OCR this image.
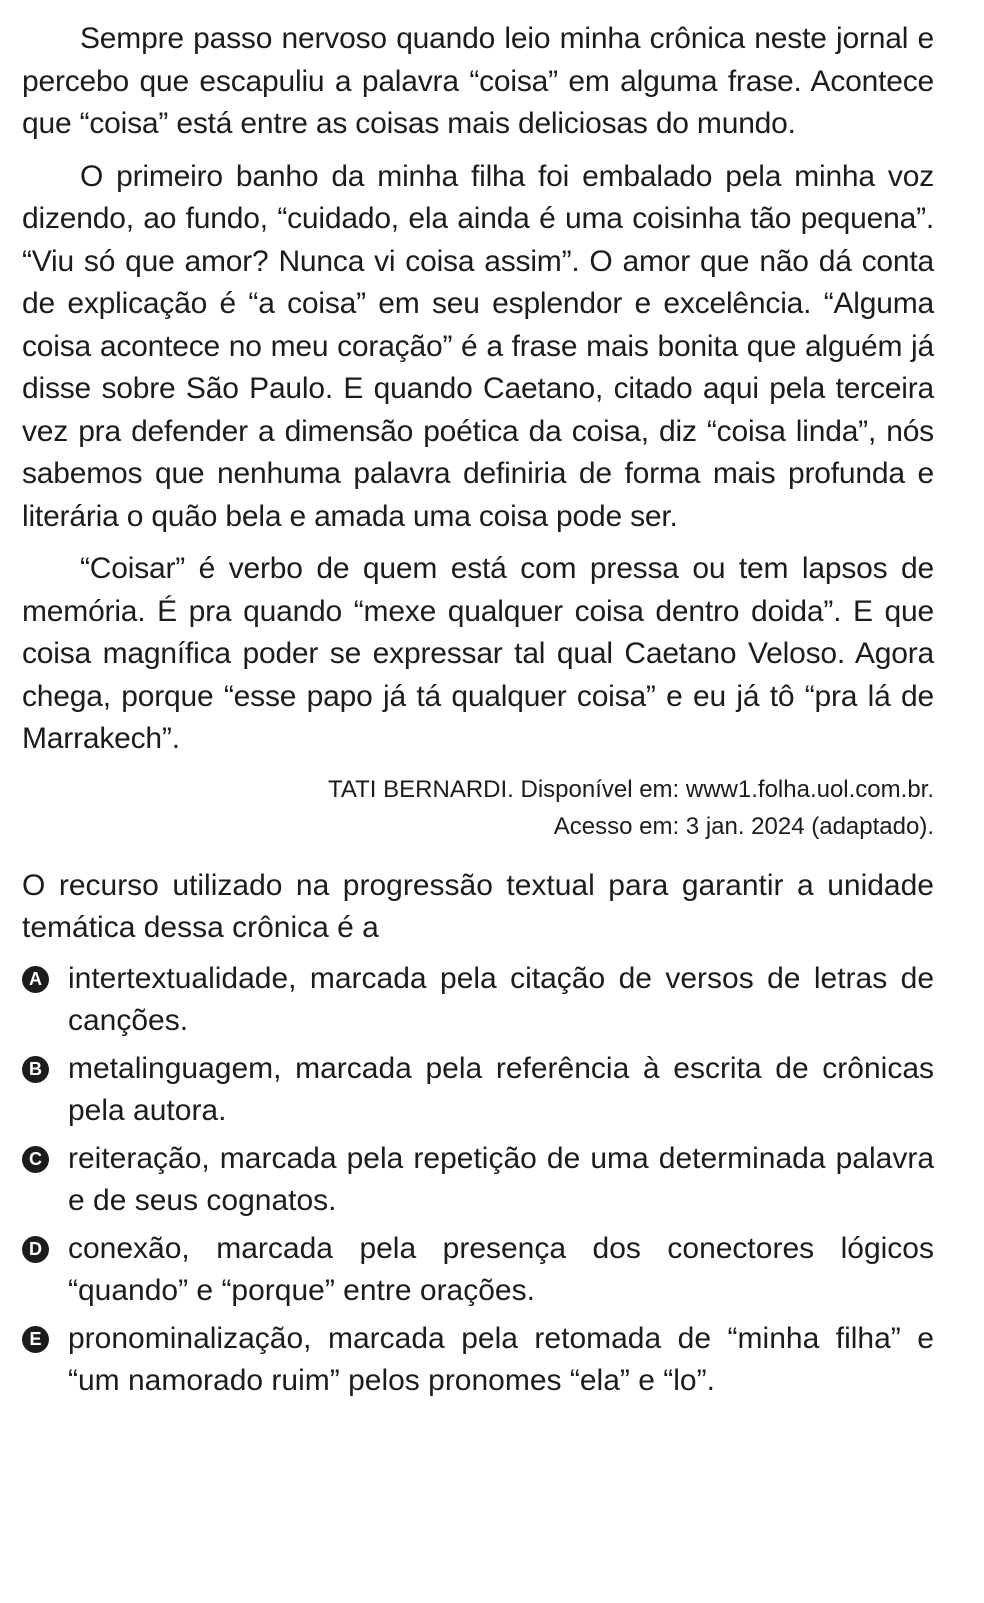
Sempre passo nervoso quando leio minha crônica neste jornal e percebo que escapuliu a palavra “coisa” em alguma frase. Acontece que “coisa” está entre as coisas mais deliciosas do mundo.

O primeiro banho da minha filha foi embalado pela minha voz dizendo, ao fundo, “cuidado, ela ainda é uma coisinha tão pequena”. “Viu só que amor? Nunca vi coisa assim”. O amor que não dá conta de explicação é “a coisa” em seu esplendor e excelência. “Alguma coisa acontece no meu coração” é a frase mais bonita que alguém já disse sobre São Paulo. E quando Caetano, citado aqui pela terceira vez pra defender a dimensão poética da coisa, diz “coisa linda”, nós sabemos que nenhuma palavra definiria de forma mais profunda e literária o quão bela e amada uma coisa pode ser.

“Coisar” é verbo de quem está com pressa ou tem lapsos de memória. É pra quando “mexe qualquer coisa dentro doida”. E que coisa magnífica poder se expressar tal qual Caetano Veloso. Agora chega, porque “esse papo já tá qualquer coisa” e eu já tô “pra lá de Marrakech”.

TATI BERNARDI. Disponível em: www1.folha.uol.com.br.
Acesso em: 3 jan. 2024 (adaptado).
O recurso utilizado na progressão textual para garantir a unidade temática dessa crônica é a
A intertextualidade, marcada pela citação de versos de letras de canções.
B metalinguagem, marcada pela referência à escrita de crônicas pela autora.
C reiteração, marcada pela repetição de uma determinada palavra e de seus cognatos.
D conexão, marcada pela presença dos conectores lógicos “quando” e “porque” entre orações.
E pronominalização, marcada pela retomada de “minha filha” e “um namorado ruim” pelos pronomes “ela” e “lo”.
